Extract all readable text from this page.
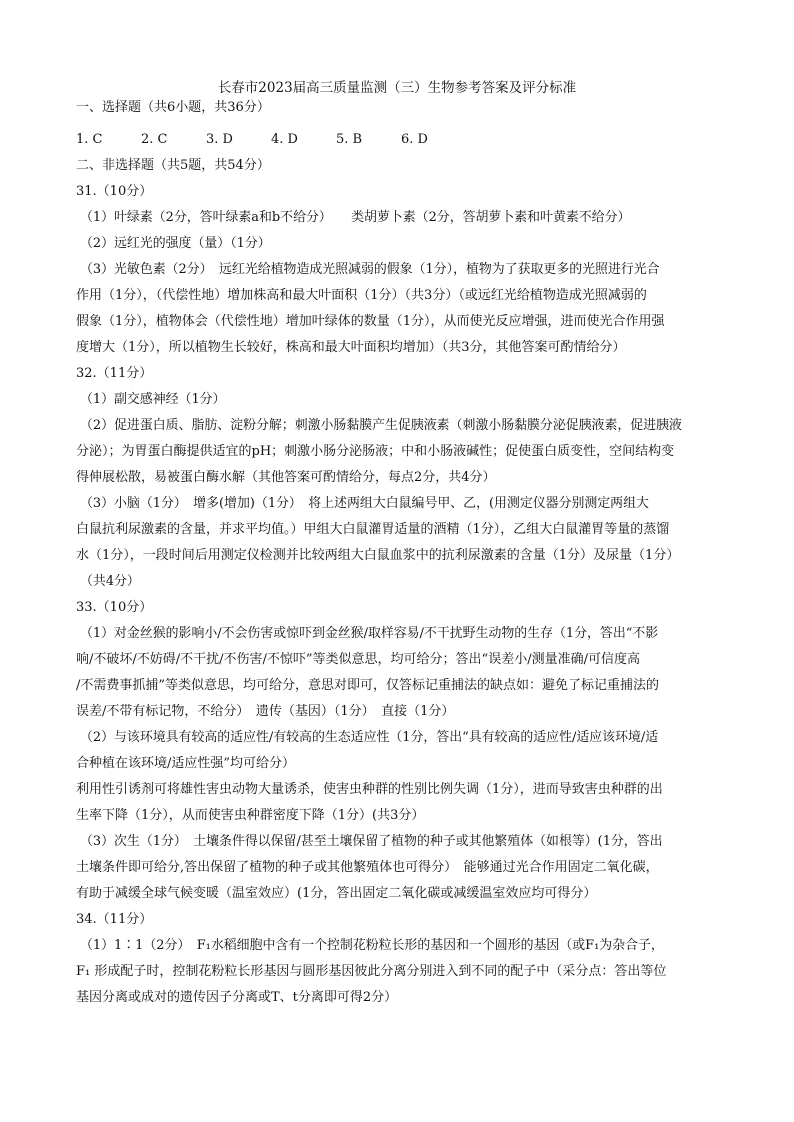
长春市2023届高三质量监测（三）生物参考答案及评分标准
一、选择题（共6小题，共36分）
1. C	2. C	3. D	4. D	5. B	6. D
二、非选择题（共5题，共54分）
31.（10分）
（1）叶绿素（2分，答叶绿素a和b不给分）　　类胡萝卜素（2分，答胡萝卜素和叶黄素不给分）
（2）远红光的强度（量）（1分）
（3）光敏色素（2分）　远红光给植物造成光照减弱的假象（1分），植物为了获取更多的光照进行光合
作用（1分），（代偿性地）增加株高和最大叶面积（1分）（共3分）（或远红光给植物造成光照减弱的
假象（1分），植物体会（代偿性地）增加叶绿体的数量（1分），从而使光反应增强，进而使光合作用强
度增大（1分），所以植物生长较好，株高和最大叶面积均增加）（共3分，其他答案可酌情给分）
32.（11分）
（1）副交感神经（1分）
（2）促进蛋白质、脂肪、淀粉分解；刺激小肠黏膜产生促胰液素（刺激小肠黏膜分泌促胰液素，促进胰液
分泌）；为胃蛋白酶提供适宜的pH；刺激小肠分泌肠液；中和小肠液碱性；促使蛋白质变性，空间结构变
得伸展松散，易被蛋白酶水解（其他答案可酌情给分，每点2分，共4分）
（3）小脑（1分）　增多(增加)（1分）　将上述两组大白鼠编号甲、乙，(用测定仪器分别测定两组大
白鼠抗利尿激素的含量，并求平均值。）甲组大白鼠灌胃适量的酒精（1分），乙组大白鼠灌胃等量的蒸馏
水（1分），一段时间后用测定仪检测并比较两组大白鼠血浆中的抗利尿激素的含量（1分）及尿量（1分）
（共4分）
33.（10分）
（1）对金丝猴的影响小/不会伤害或惊吓到金丝猴/取样容易/不干扰野生动物的生存（1分，答出“不影
响/不破坏/不妨碍/不干扰/不伤害/不惊吓”等类似意思，均可给分；答出“误差小/测量准确/可信度高
/不需费事抓捕”等类似意思，均可给分，意思对即可，仅答标记重捕法的缺点如：避免了标记重捕法的
误差/不带有标记物，不给分）　遗传（基因）（1分）　直接（1分）
（2）与该环境具有较高的适应性/有较高的生态适应性（1分，答出“具有较高的适应性/适应该环境/适
合种植在该环境/适应性强”均可给分）
利用性引诱剂可将雄性害虫动物大量诱杀，使害虫种群的性别比例失调（1分），进而导致害虫种群的出
生率下降（1分），从而使害虫种群密度下降（1分）(共3分）
（3）次生（1分）　土壤条件得以保留/甚至土壤保留了植物的种子或其他繁殖体（如根等）(1分，答出
土壤条件即可给分,答出保留了植物的种子或其他繁殖体也可得分）　能够通过光合作用固定二氧化碳，
有助于减缓全球气候变暖（温室效应）(1分，答出固定二氧化碳或减缓温室效应均可得分）
34.（11分）
（1）1∶1（2分）　F₁水稻细胞中含有一个控制花粉粒长形的基因和一个圆形的基因（或F₁为杂合子，
F₁ 形成配子时，控制花粉粒长形基因与圆形基因彼此分离分别进入到不同的配子中（采分点：答出等位
基因分离或成对的遗传因子分离或T、t分离即可得2分）
